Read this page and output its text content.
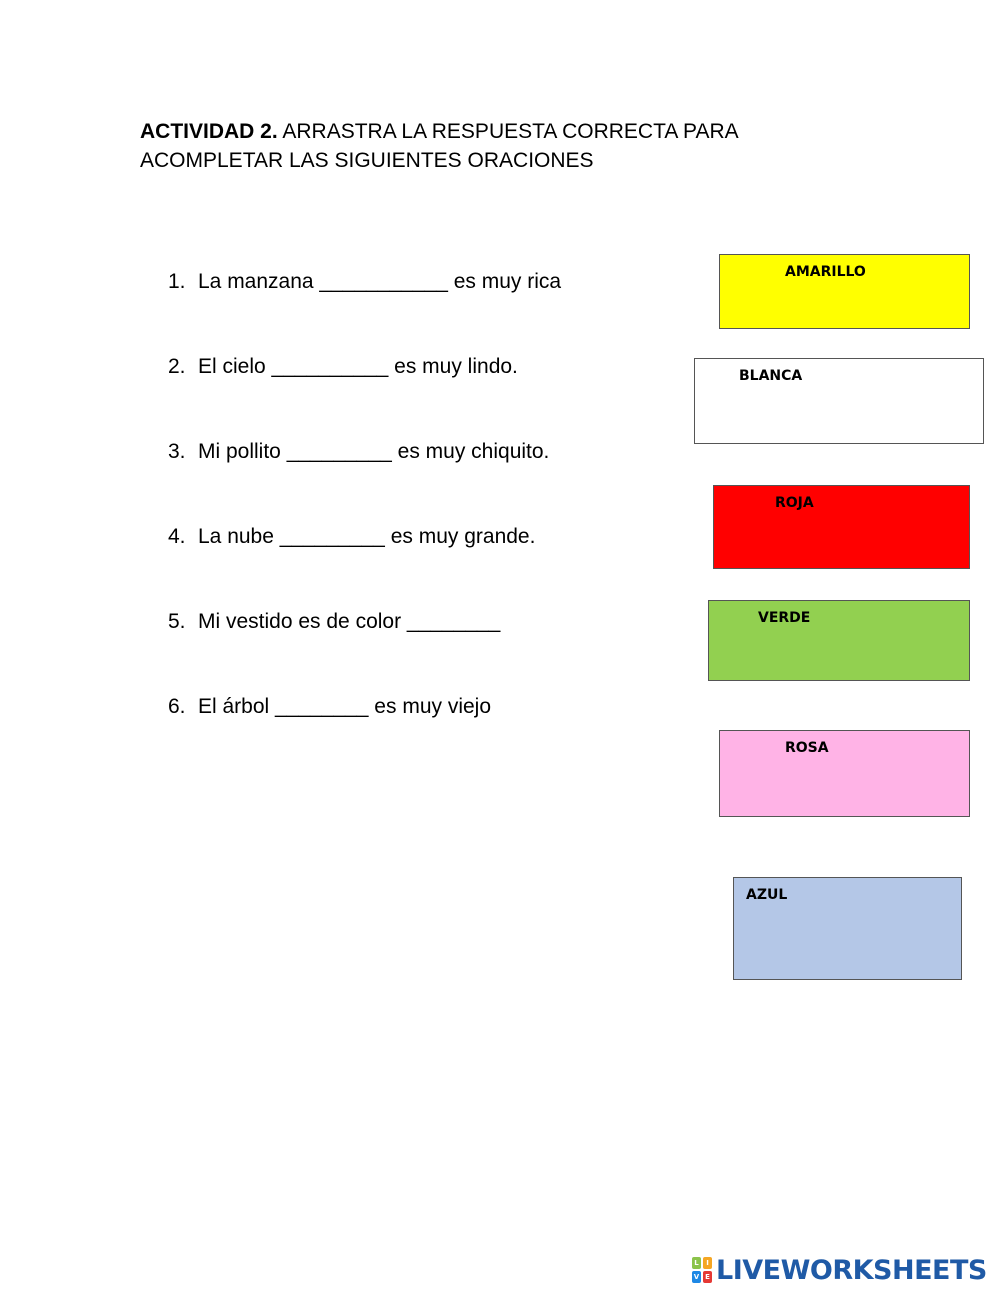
ACTIVIDAD 2. ARRASTRA LA RESPUESTA CORRECTA PARA ACOMPLETAR LAS SIGUIENTES ORACIONES
1. La manzana ___________ es muy rica
2. El cielo __________ es muy lindo.
3. Mi pollito _________ es muy chiquito.
4. La nube _________ es muy grande.
5. Mi vestido es de color ________
6. El árbol ________ es muy viejo
AMARILLO
BLANCA
ROJA
VERDE
ROSA
AZUL
L	I
V E LIVEWORKSHEETS
